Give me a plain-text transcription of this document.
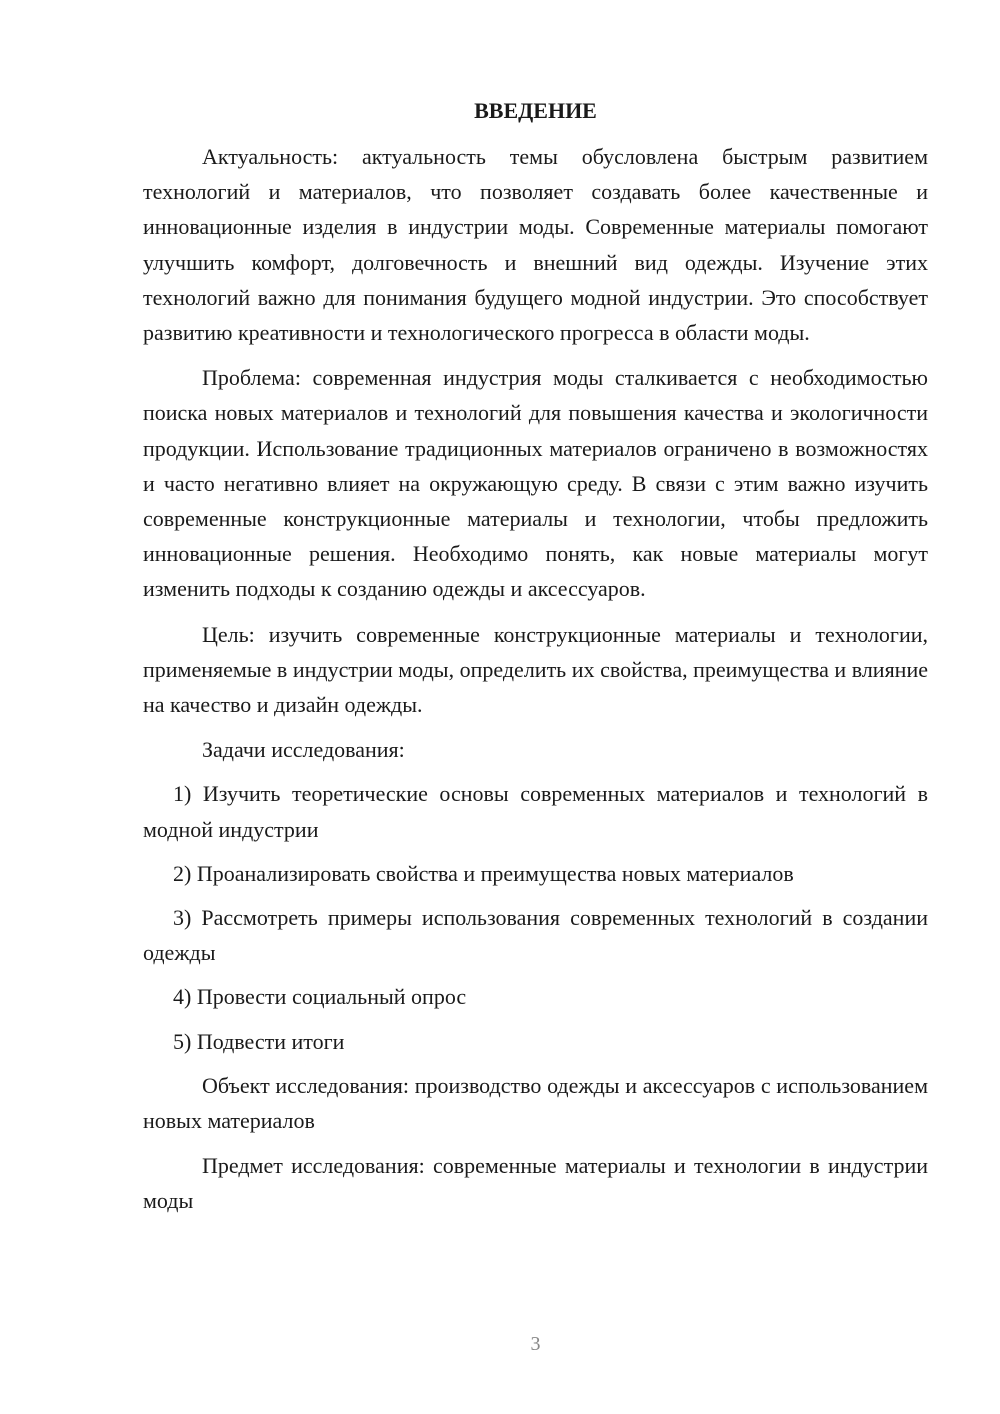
ВВЕДЕНИЕ

Актуальность: актуальность темы обусловлена быстрым развитием технологий и материалов, что позволяет создавать более качественные и инновационные изделия в индустрии моды. Современные материалы помогают улучшить комфорт, долговечность и внешний вид одежды. Изучение этих технологий важно для понимания будущего модной индустрии. Это способствует развитию креативности и технологического прогресса в области моды.

Проблема: современная индустрия моды сталкивается с необходимостью поиска новых материалов и технологий для повышения качества и экологичности продукции. Использование традиционных материалов ограничено в возможностях и часто негативно влияет на окружающую среду. В связи с этим важно изучить современные конструкционные материалы и технологии, чтобы предложить инновационные решения. Необходимо понять, как новые материалы могут изменить подходы к созданию одежды и аксессуаров.

Цель: изучить современные конструкционные материалы и технологии, применяемые в индустрии моды, определить их свойства, преимущества и влияние на качество и дизайн одежды.

Задачи исследования:

1) Изучить теоретические основы современных материалов и технологий в модной индустрии

2) Проанализировать свойства и преимущества новых материалов

3) Рассмотреть примеры использования современных технологий в создании одежды

4) Провести социальный опрос

5) Подвести итоги

Объект исследования: производство одежды и аксессуаров с использованием новых материалов

Предмет исследования: современные материалы и технологии в индустрии моды

3
